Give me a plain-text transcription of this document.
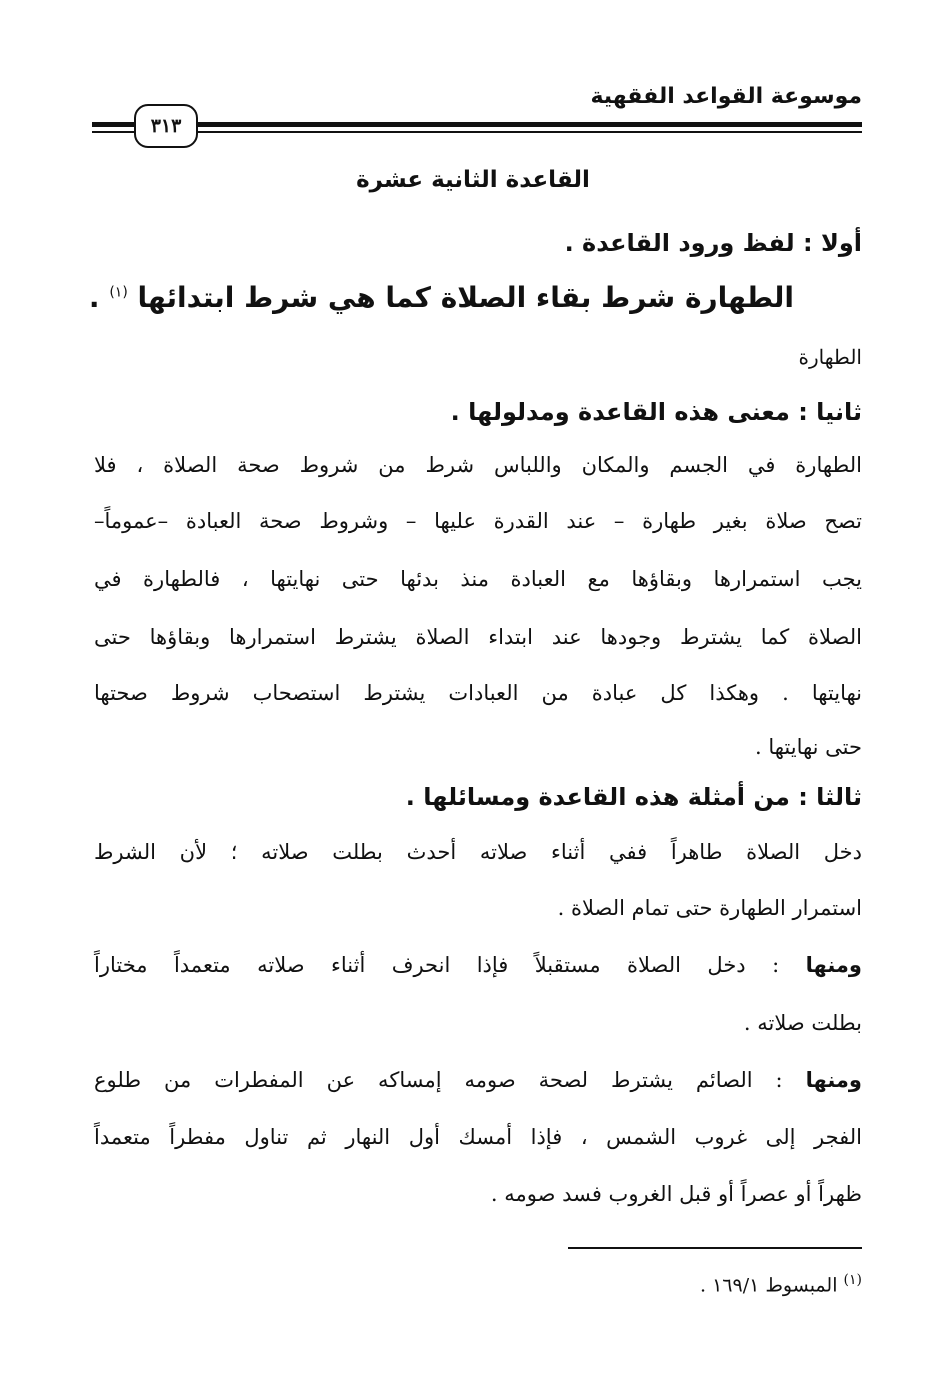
موسوعة القواعد الفقهية
٣١٣
القاعدة الثانية عشرة
أولا : لفظ ورود القاعدة .
الطهارة شرط بقاء الصلاة كما هي شرط ابتدائها $^{(١)}$ .
الطهارة
ثانيا : معنى هذه القاعدة ومدلولها .
الطهارة في الجسم والمكان واللباس شرط من شروط صحة الصلاة ، فلا
تصح صلاة بغير طهارة – عند القدرة عليها – وشروط صحة العبادة –عموماً–
يجب استمرارها وبقاؤها مع العبادة منذ بدئها حتى نهايتها ، فالطهارة في
الصلاة كما يشترط وجودها عند ابتداء الصلاة يشترط استمرارها وبقاؤها حتى
نهايتها . وهكذا كل عبادة من العبادات يشترط استصحاب شروط صحتها
حتى نهايتها .
ثالثا : من أمثلة هذه القاعدة ومسائلها .
دخل الصلاة طاهراً ففي أثناء صلاته أحدث بطلت صلاته ؛ لأن الشرط
استمرار الطهارة حتى تمام الصلاة .
ومنها : دخل الصلاة مستقبلاً فإذا انحرف أثناء صلاته متعمداً مختاراً
بطلت صلاته .
ومنها : الصائم يشترط لصحة صومه إمساكه عن المفطرات من طلوع
الفجر إلى غروب الشمس ، فإذا أمسك أول النهار ثم تناول مفطراً متعمداً
ظهراً أو عصراً أو قبل الغروب فسد صومه .
$^{(١)}$ المبسوط ١٦٩/١ .
